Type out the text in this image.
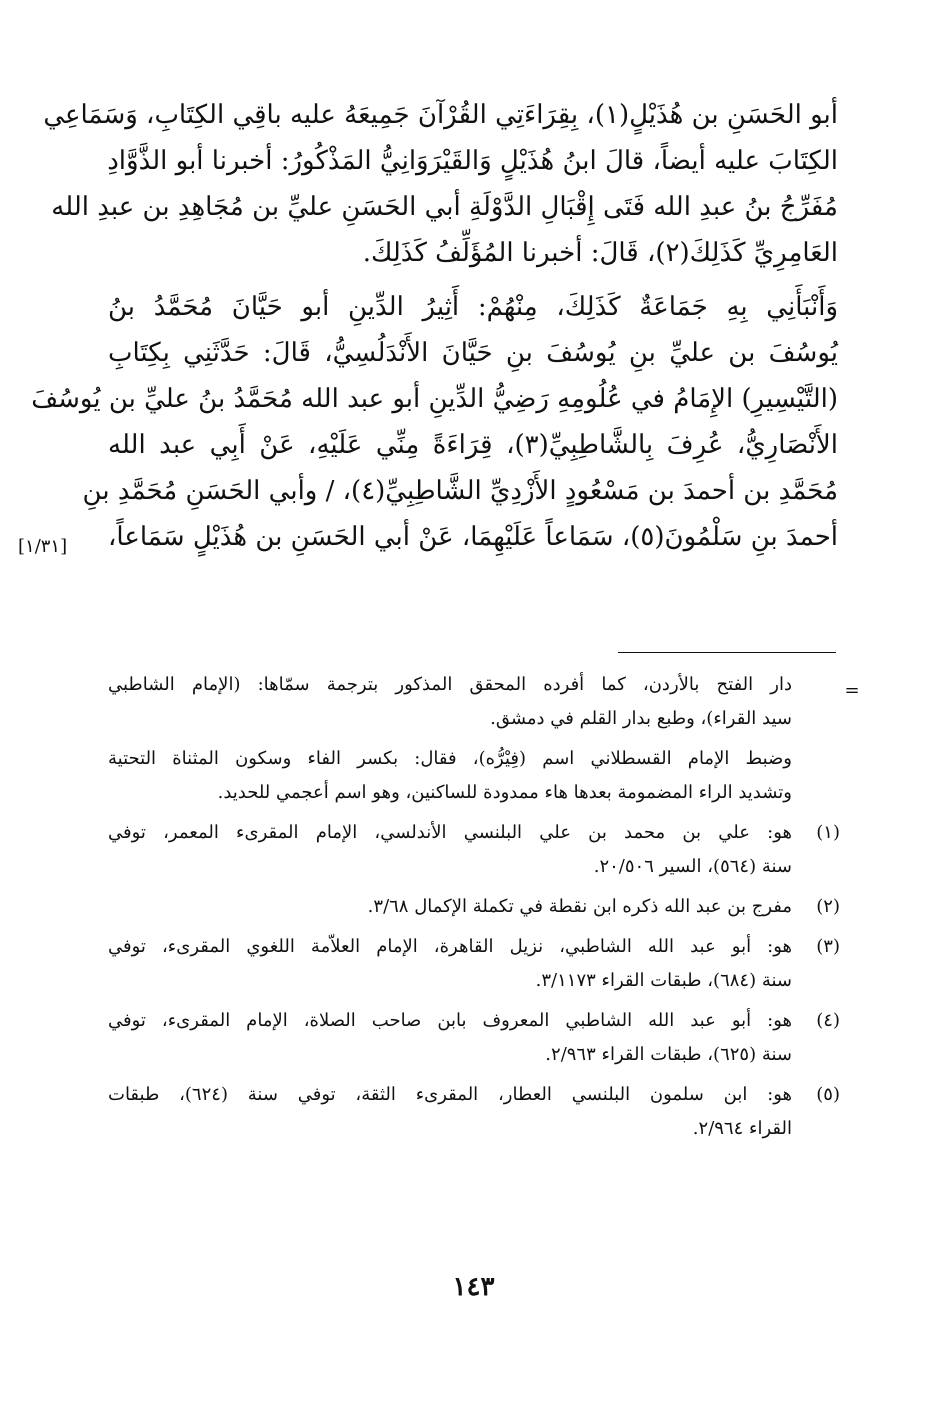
أبو الحَسَنِ بن هُذَيْلٍ(١)، بِقِرَاءَتِي القُرْآنَ جَمِيعَهُ عليه باقِي الكِتَابِ، وَسَمَاعِي
الكِتَابَ عليه أيضاً، قالَ ابنُ هُذَيْلٍ وَالقَيْرَوَانِيُّ المَذْكُورُ: أخبرنا أبو الذَّوَّادِ
مُفَرِّجُ بنُ عبدِ الله فَتَى إِقْبَالِ الدَّوْلَةِ أبي الحَسَنِ عليِّ بن مُجَاهِدِ بن عبدِ الله
العَامِرِيِّ كَذَلِكَ(٢)، قَالَ: أخبرنا المُؤَلِّفُ كَذَلِكَ.
وَأَنْبَأَنِي بِهِ جَمَاعَةٌ كَذَلِكَ، مِنْهُمْ: أَثِيرُ الدِّينِ أبو حَيَّانَ مُحَمَّدُ بنُ
يُوسُفَ بن عليِّ بنِ يُوسُفَ بنِ حَيَّانَ الأَنْدَلُسِيُّ، قَالَ: حَدَّثَنِي بِكِتَابِ
(التَّيْسِيرِ) الإِمَامُ في عُلُومِهِ رَضِيُّ الدِّينِ أبو عبد الله مُحَمَّدُ بنُ عليِّ بن يُوسُفَ
الأَنْصَارِيُّ، عُرِفَ بِالشَّاطِبِيِّ(٣)، قِرَاءَةً مِنِّي عَلَيْهِ، عَنْ أَبِي عبد الله
مُحَمَّدِ بن أحمدَ بن مَسْعُودٍ الأَزْدِيِّ الشَّاطِبِيِّ(٤)، / وأبي الحَسَنِ مُحَمَّدِ بنِ
أحمدَ بنِ سَلْمُونَ(٥)، سَمَاعاً عَلَيْهِمَا، عَنْ أبي الحَسَنِ بن هُذَيْلٍ سَمَاعاً،
[١/٣١]
=
دار الفتح بالأردن، كما أفرده المحقق المذكور بترجمة سمّاها: (الإمام الشاطبي
سيد القراء)، وطبع بدار القلم في دمشق.
وضبط الإمام القسطلاني اسم (فِيْرُّه)، فقال: بكسر الفاء وسكون المثناة التحتية
وتشديد الراء المضمومة بعدها هاء ممدودة للساكنين، وهو اسم أعجمي للحديد.
(١)
هو: علي بن محمد بن علي البلنسي الأندلسي، الإمام المقرىء المعمر، توفي
سنة (٥٦٤)، السير ٢٠/٥٠٦.
(٢)
مفرج بن عبد الله ذكره ابن نقطة في تكملة الإكمال ٣/٦٨.
(٣)
هو: أبو عبد الله الشاطبي، نزيل القاهرة، الإمام العلاّمة اللغوي المقرىء، توفي
سنة (٦٨٤)، طبقات القراء ٣/١١٧٣.
(٤)
هو: أبو عبد الله الشاطبي المعروف بابن صاحب الصلاة، الإمام المقرىء، توفي
سنة (٦٢٥)، طبقات القراء ٢/٩٦٣.
(٥)
هو: ابن سلمون البلنسي العطار، المقرىء الثقة، توفي سنة (٦٢٤)، طبقات
القراء ٢/٩٦٤.
١٤٣
